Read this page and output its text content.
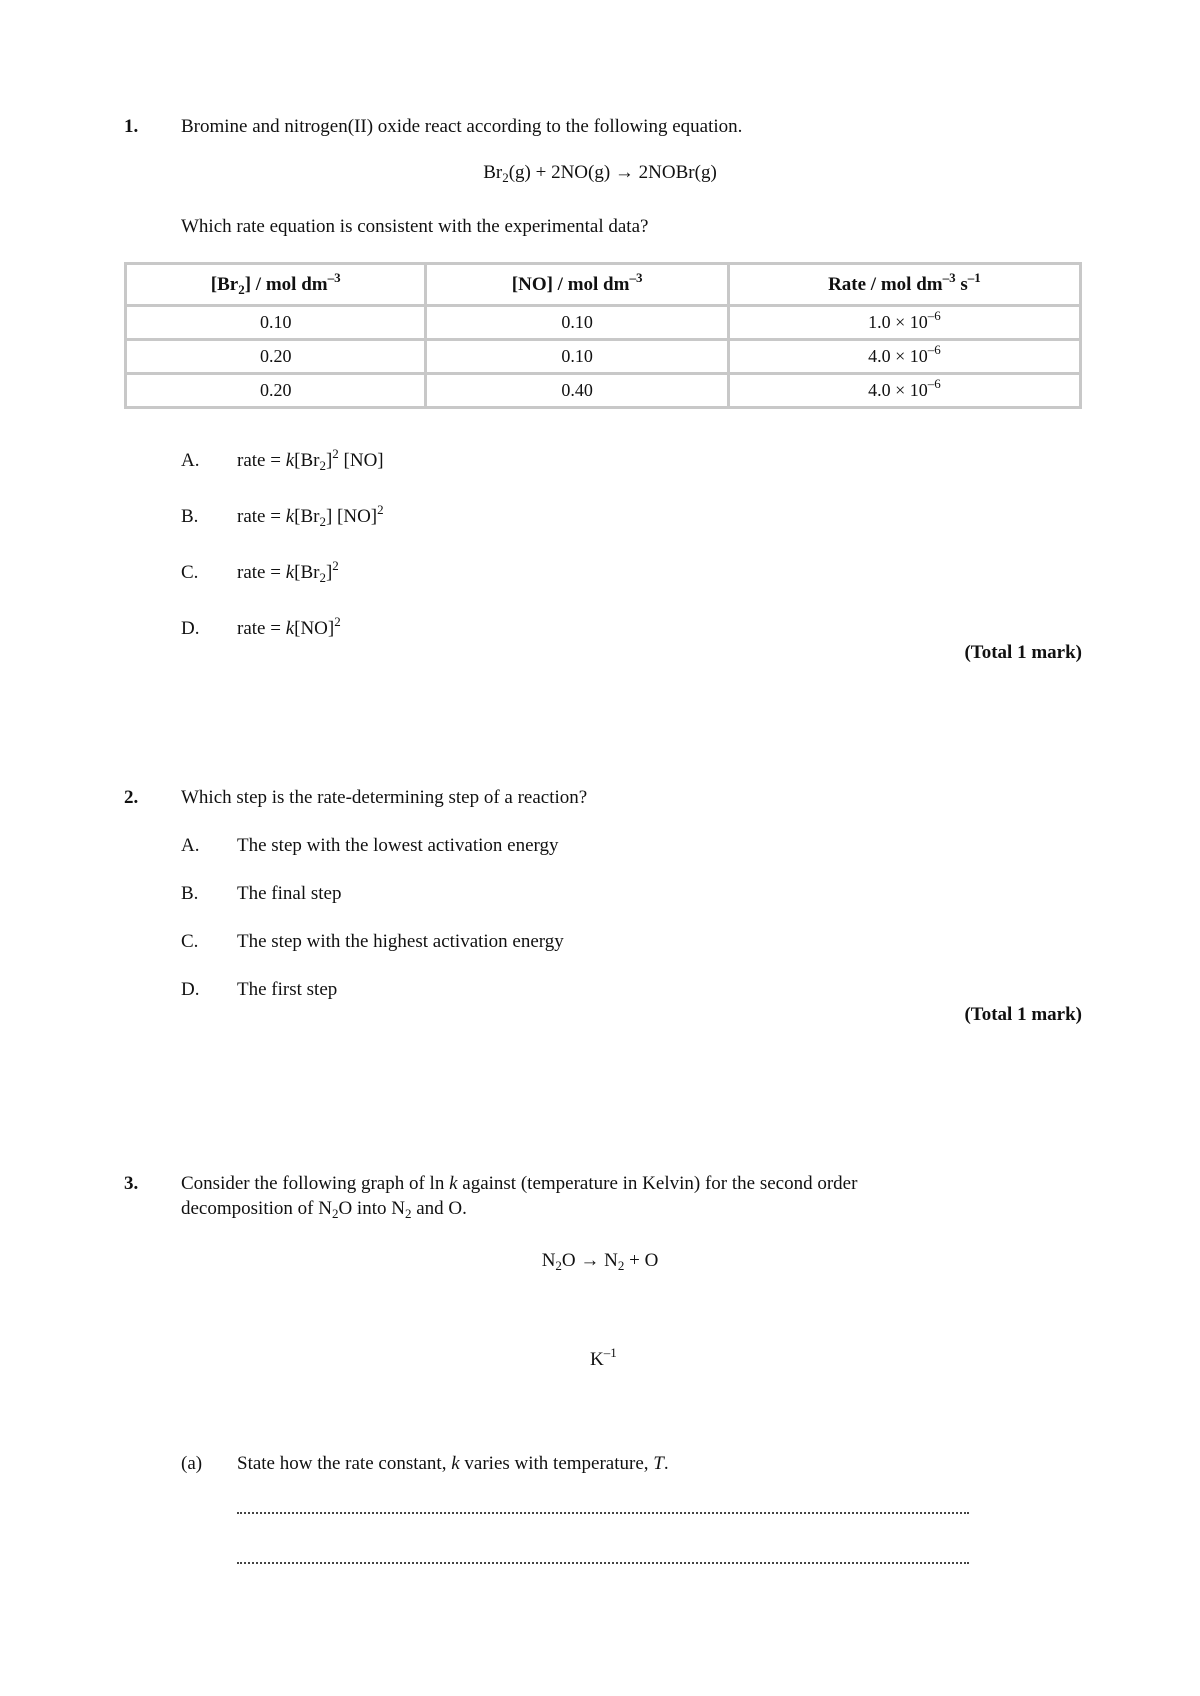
1. Bromine and nitrogen(II) oxide react according to the following equation.
$Br_2(g) + 2NO(g)$ → 2NOBr(g)
Which rate equation is consistent with the experimental data?
$[Br_2]$ / mol $dm^{-3}$	[NO] / mol $dm^{-3}$	Rate / mol $dm^{-3}$ $s^{-1}$
0.10	0.10	$1.0 \times 10^{-6}$
0.20	0.10	$4.0 \times 10^{-6}$
0.20	0.40	$4.0 \times 10^{-6}$
A. rate = $k[Br_2]^2$ [NO]
B. rate = $k[Br_2]$ [NO]$^2$
C. rate = $k[Br_2]^2$
D. rate = k[NO]$^2$
(Total 1 mark)
2. Which step is the rate-determining step of a reaction?
A. The step with the lowest activation energy
B. The final step
C. The step with the highest activation energy
D. The first step
(Total 1 mark)
3. Consider the following graph of ln k against (temperature in Kelvin) for the second order
decomposition of $N_2O$ into $N_2$ and O.
$N_2O \to N_2 + O$
$K^{-1}$
(a) State how the rate constant, k varies with temperature, T.
